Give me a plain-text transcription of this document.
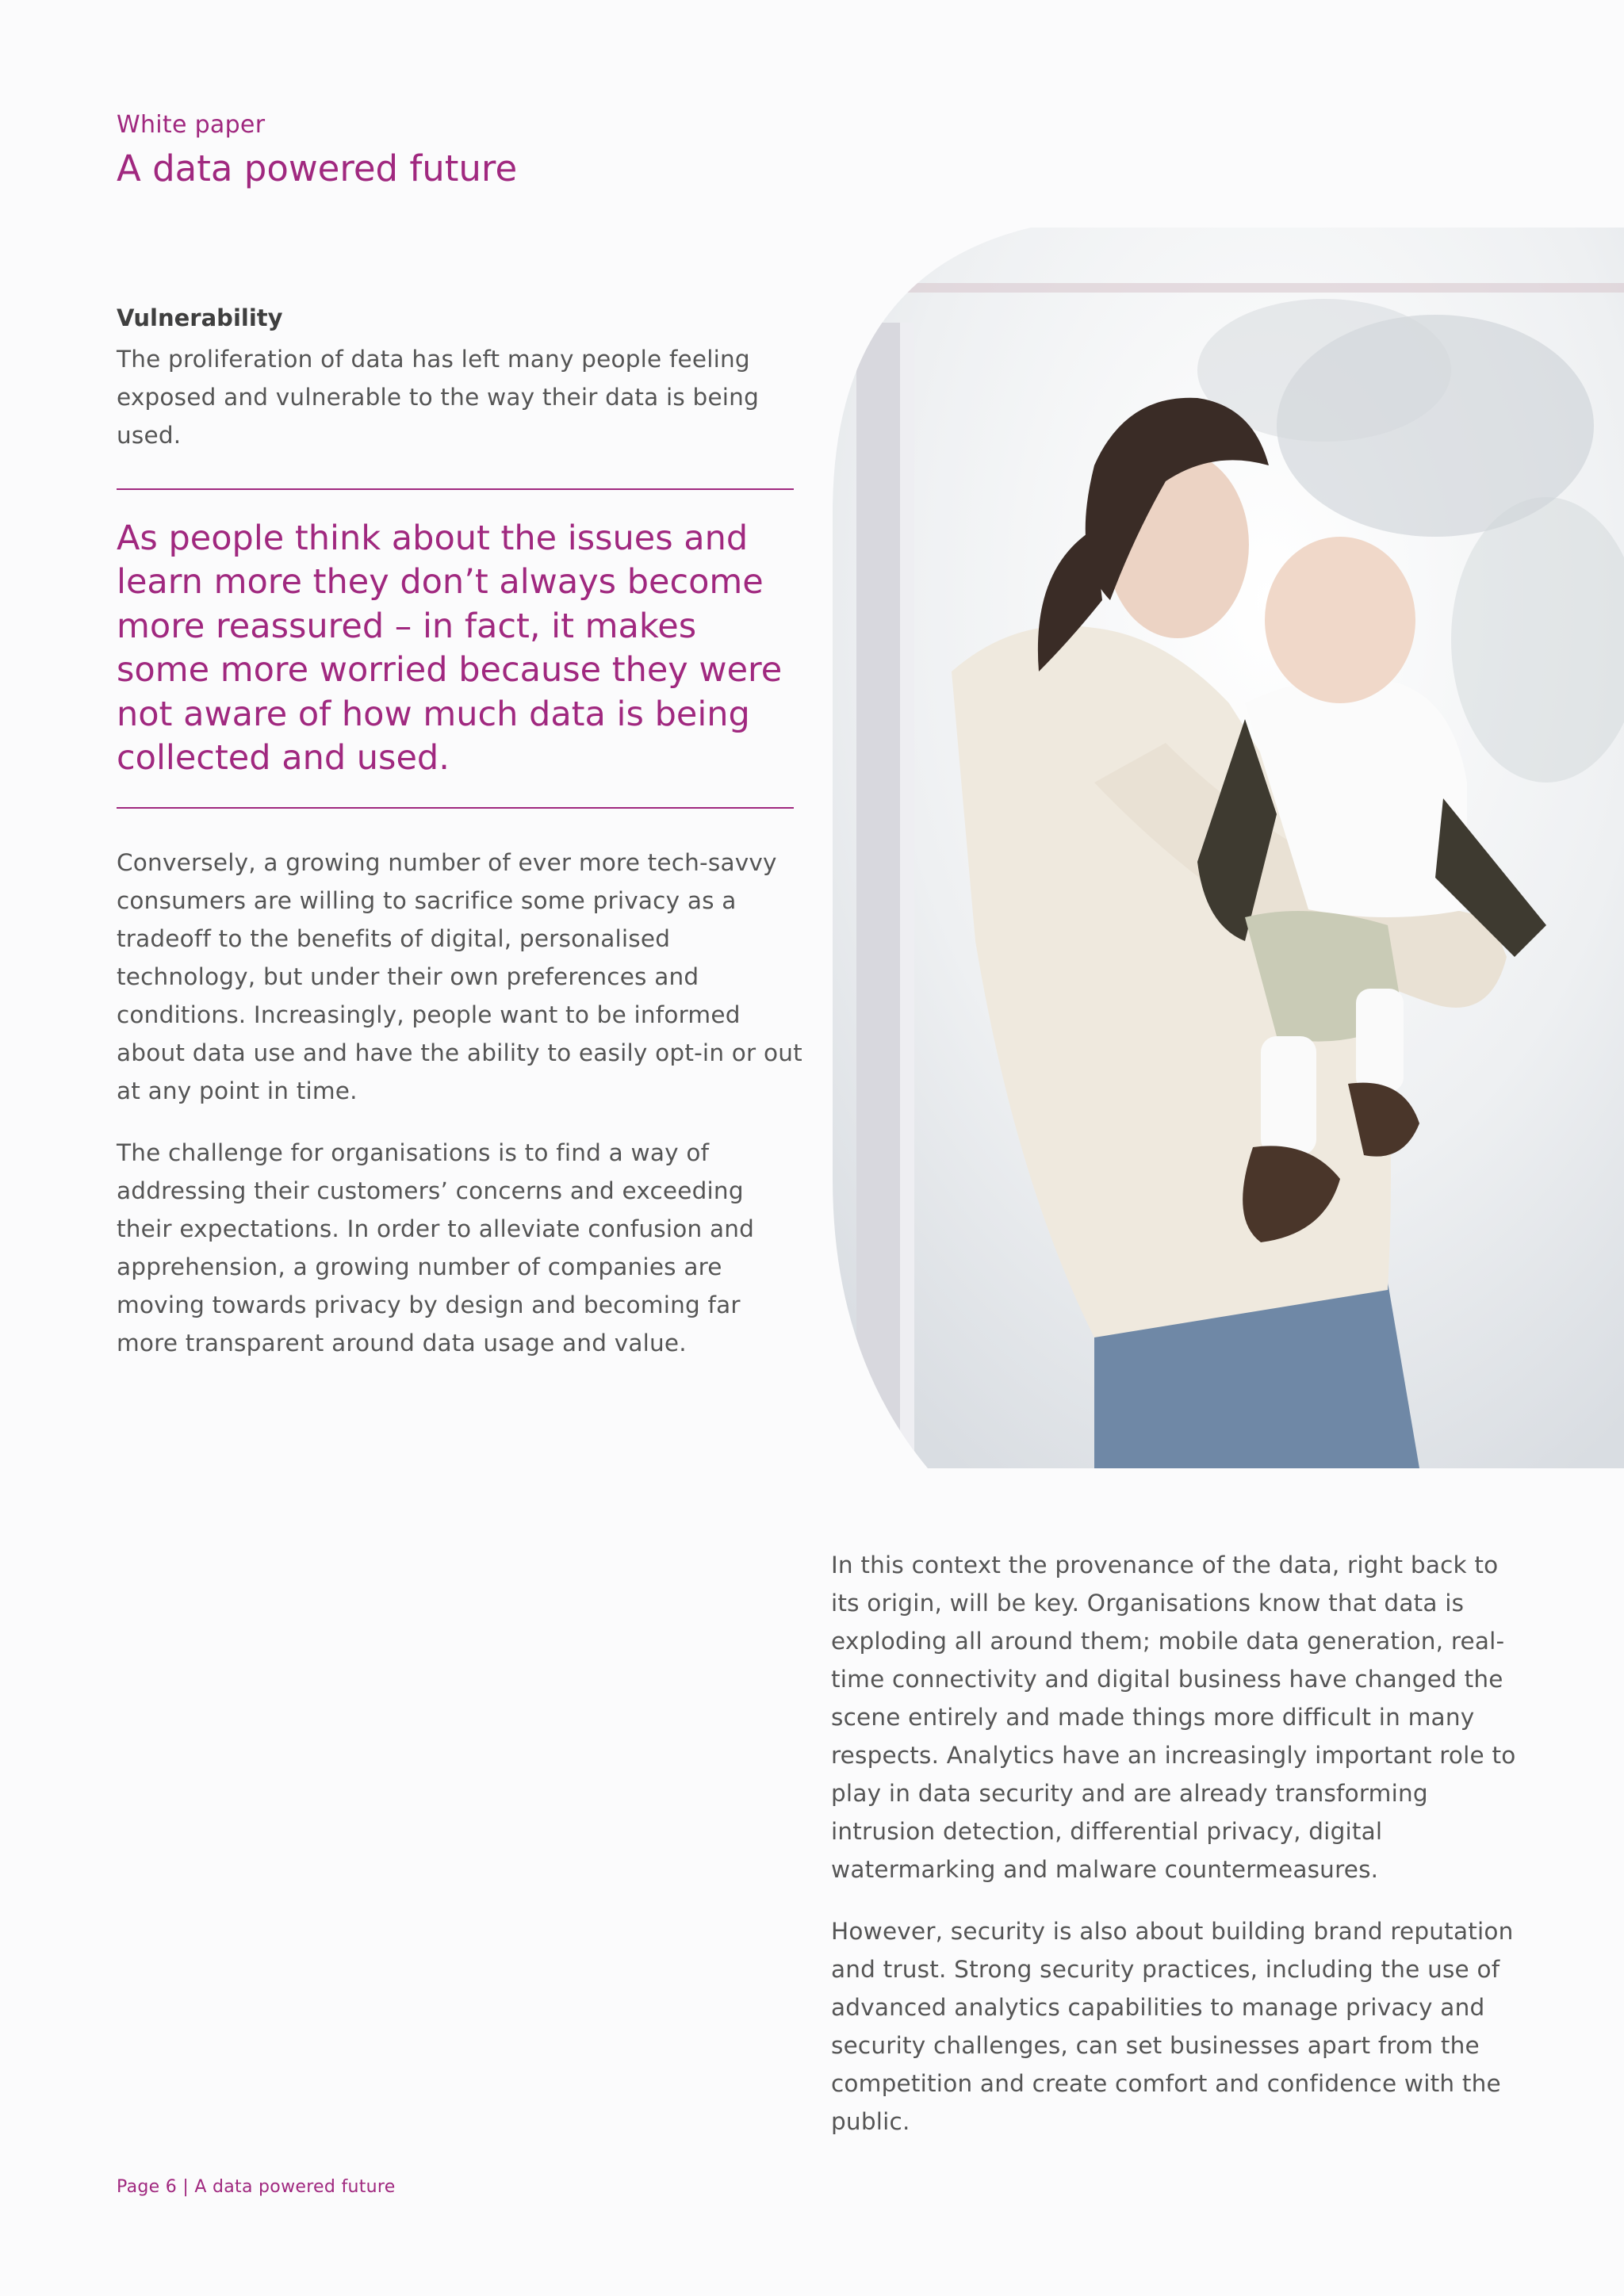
White paper
A data powered future
Vulnerability

The proliferation of data has left many people feeling exposed and vulnerable to the way their data is being used.

As people think about the issues and learn more they don’t always become more reassured – in fact, it makes some more worried because they were not aware of how much data is being collected and used.

Conversely, a growing number of ever more tech-savvy consumers are willing to sacrifice some privacy as a tradeoff to the benefits of digital, personalised technology, but under their own preferences and conditions. Increasingly, people want to be informed about data use and have the ability to easily opt-in or out at any point in time.

The challenge for organisations is to find a way of addressing their customers’ concerns and exceeding their expectations. In order to alleviate confusion and apprehension, a growing number of companies are moving towards privacy by design and becoming far more transparent around data usage and value.

In this context the provenance of the data, right back to its origin, will be key. Organisations know that data is exploding all around them; mobile data generation, real-time connectivity and digital business have changed the scene entirely and made things more difficult in many respects. Analytics have an increasingly important role to play in data security and are already transforming intrusion detection, differential privacy, digital watermarking and malware countermeasures.

However, security is also about building brand reputation and trust. Strong security practices, including the use of advanced analytics capabilities to manage privacy and security challenges, can set businesses apart from the competition and create comfort and confidence with the public.

Page 6 | A data powered future
